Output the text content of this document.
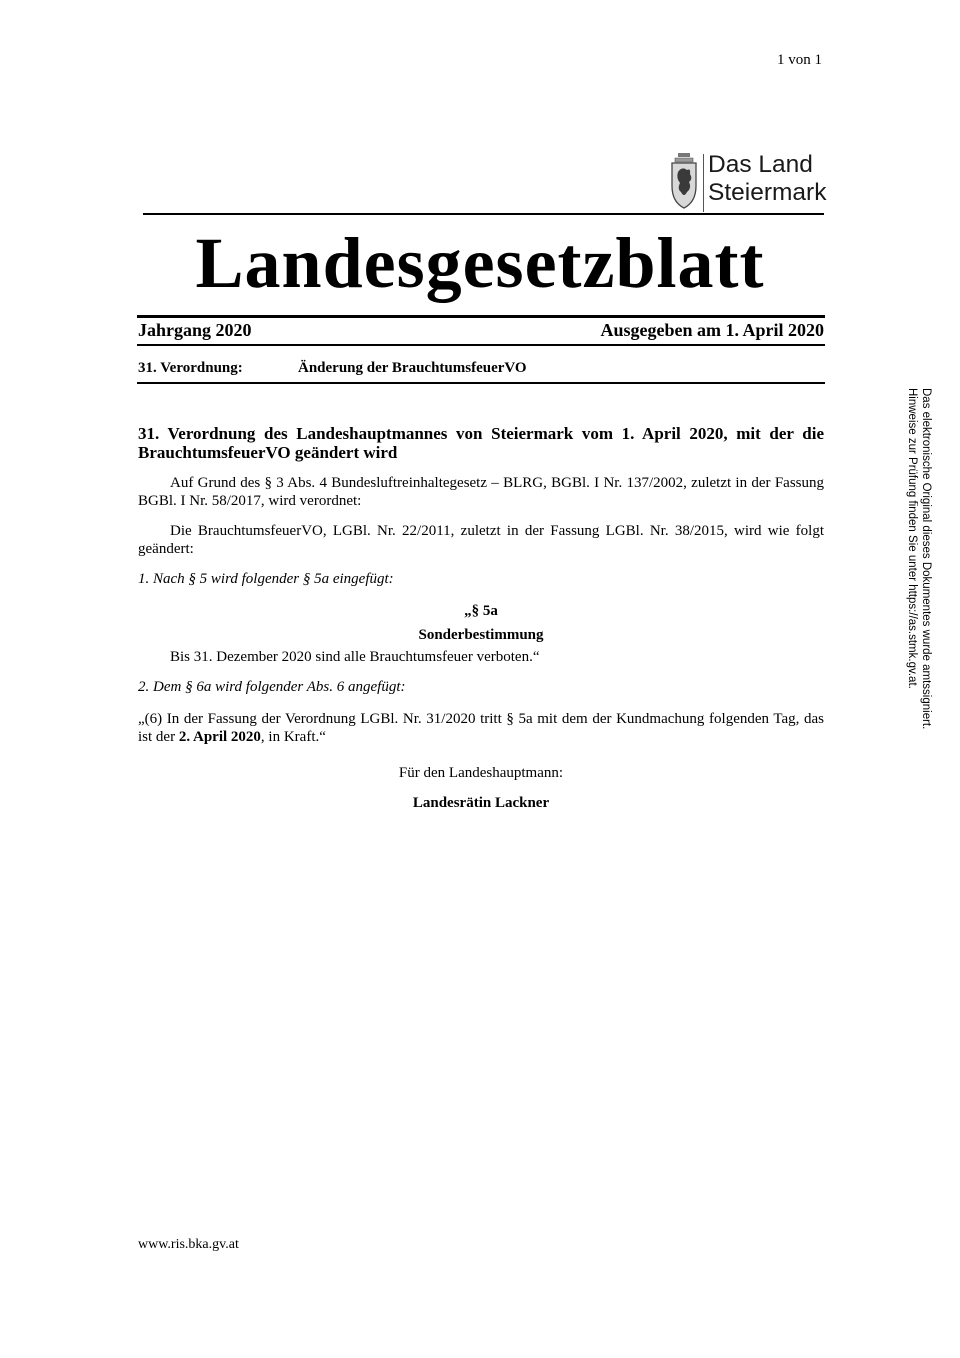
1 von 1
Das Land
Steiermark
Landesgesetzblatt
Jahrgang 2020	Ausgegeben am 1. April 2020
31. Verordnung:	Änderung der BrauchtumsfeuerVO

31. Verordnung des Landeshauptmannes von Steiermark vom 1. April 2020, mit der die BrauchtumsfeuerVO geändert wird

Auf Grund des § 3 Abs. 4 Bundesluftreinhaltegesetz – BLRG, BGBl. I Nr. 137/2002, zuletzt in der Fassung BGBl. I Nr. 58/2017, wird verordnet:

Die BrauchtumsfeuerVO, LGBl. Nr. 22/2011, zuletzt in der Fassung LGBl. Nr. 38/2015, wird wie folgt geändert:

1. Nach § 5 wird folgender § 5a eingefügt:

„§ 5a

Sonderbestimmung

Bis 31. Dezember 2020 sind alle Brauchtumsfeuer verboten.“

2. Dem § 6a wird folgender Abs. 6 angefügt:

„(6) In der Fassung der Verordnung LGBl. Nr. 31/2020 tritt § 5a mit dem der Kundmachung folgenden Tag, das ist der 2. April 2020, in Kraft.“

Für den Landeshauptmann:

Landesrätin Lackner

Das elektronische Original dieses Dokumentes wurde amtssigniert.
Hinweise zur Prüfung finden Sie unter https://as.stmk.gv.at.
www.ris.bka.gv.at
